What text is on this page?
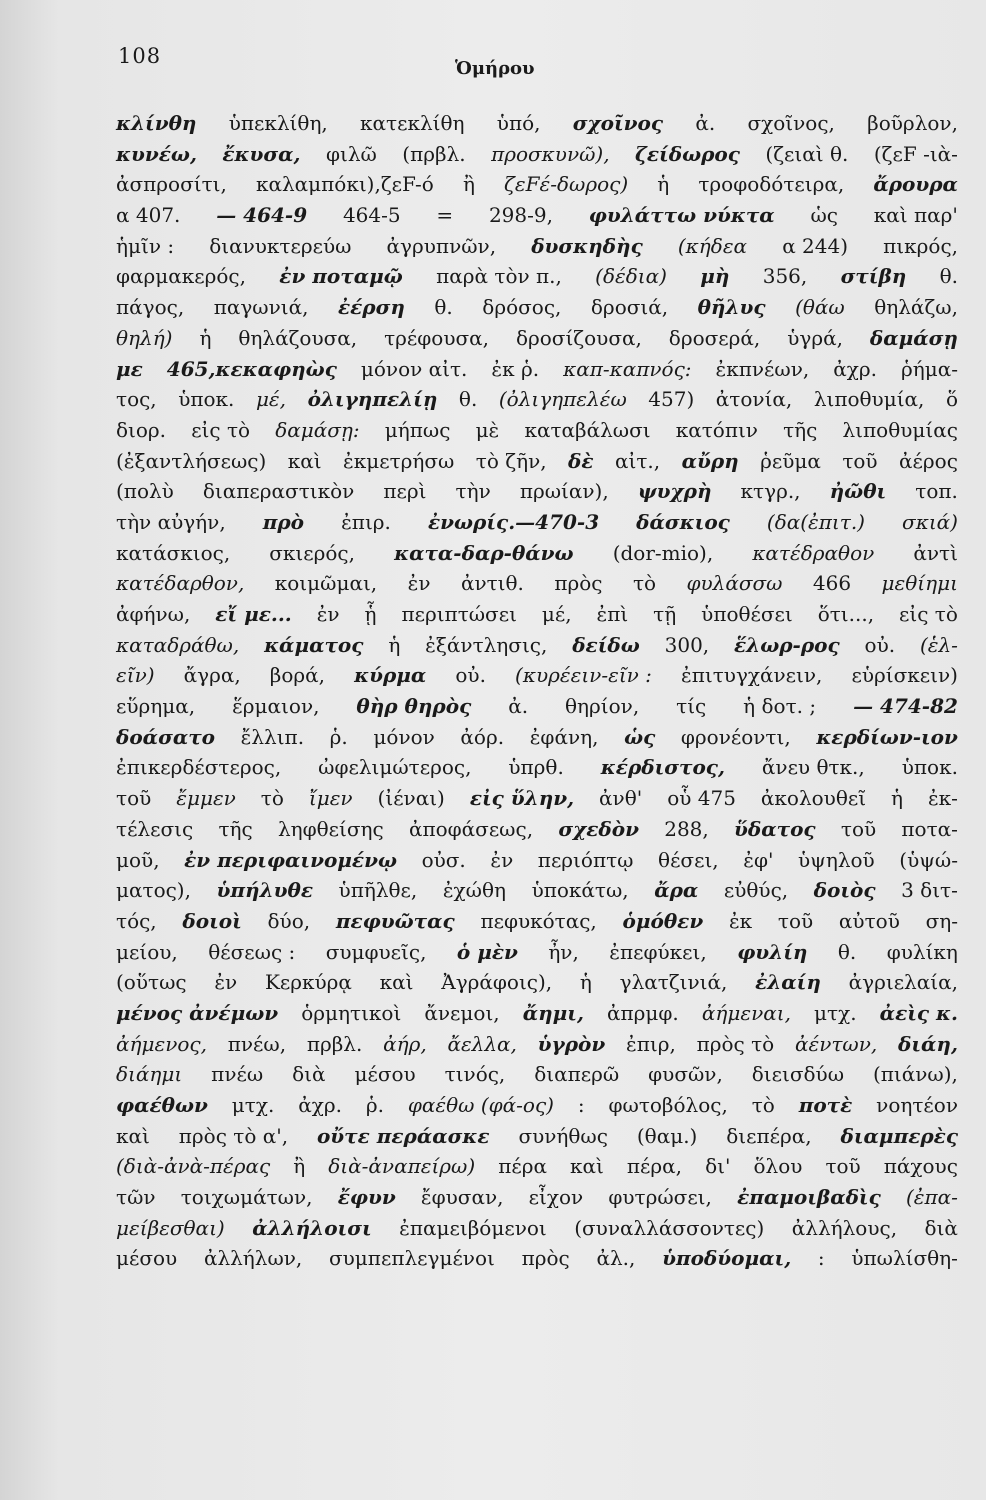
108
Ὁμήρου
κλίνθη ὑπεκλίθη, κατεκλίθη ὑπό, σχοῖνος ἀ. σχοῖνος, βοῦρλον,
κυνέω, ἔκυσα, φιλῶ (πρβλ. προσκυνῶ), ζείδωρος (ζειαὶ θ. (ζεF -ιὰ-
ἀσπροσίτι, καλαμπόκι),ζεF-ό ἢ ζεFέ-δωρος) ἡ τροφοδότειρα, ἄρουρα
α 407. — 464-9 464-5 = 298-9, φυλάττω νύκτα ὡς καὶ παρ'
ἡμῖν : διανυκτερεύω ἀγρυπνῶν, δυσκηδὴς (κήδεα α 244) πικρός,
φαρμακερός, ἐν ποταμῷ παρὰ τὸν π., (δέδια) μὴ 356, στίβη θ.
πάγος, παγωνιά, ἐέρση θ. δρόσος, δροσιά, θῆλυς (θάω θηλάζω,
θηλή) ἡ θηλάζουσα, τρέφουσα, δροσίζουσα, δροσερά, ὑγρά, δαμάσῃ
με 465,κεκαφηὼς μόνον αἰτ. ἐκ ῥ. καπ-καπνός: ἐκπνέων, ἀχρ. ῥήμα-
τος, ὑποκ. μέ, ὀλιγηπελίῃ θ. (ὀλιγηπελέω 457) ἀτονία, λιποθυμία, ὅ
διορ. εἰς τὸ δαμάσῃ: μήπως μὲ καταβάλωσι κατόπιν τῆς λιποθυμίας
(ἐξαντλήσεως) καὶ ἐκμετρήσω τὸ ζῆν, δὲ αἰτ., αὔρη ῥεῦμα τοῦ ἀέρος
(πολὺ διαπεραστικὸν περὶ τὴν πρωίαν), ψυχρὴ κτγρ., ἠῶθι τοπ.
τὴν αὐγήν, πρὸ ἐπιρ. ἐνωρίς.—470-3 δάσκιος (δα(ἐπιτ.) σκιά)
κατάσκιος, σκιερός, κατα-δαρ-θάνω (dor-mio), κατέδραθον ἀντὶ
κατέδαρθον, κοιμῶμαι, ἐν ἀντιθ. πρὸς τὸ φυλάσσω 466 μεθίημι
ἀφήνω, εἴ με... ἐν ᾗ περιπτώσει μέ, ἐπὶ τῇ ὑποθέσει ὅτι..., εἰς τὸ
καταδράθω, κάματος ἡ ἐξάντλησις, δείδω 300, ἕλωρ-ρος οὐ. (ἑλ-
εῖν) ἄγρα, βορά, κύρμα οὐ. (κυρέειν-εῖν : ἐπιτυγχάνειν, εὑρίσκειν)
εὕρημα, ἕρμαιον, θὴρ θηρὸς ἀ. θηρίον, τίς ἡ δοτ. ; — 474-82
δοάσατο ἔλλιπ. ῥ. μόνον ἀόρ. ἐφάνη, ὡς φρονέοντι, κερδίων-ιον
ἐπικερδέστερος, ὠφελιμώτερος, ὑπρθ. κέρδιστος, ἄνευ θτκ., ὑποκ.
τοῦ ἔμμεν τὸ ἴμεν (ἰέναι) εἰς ὕλην, ἀνθ' οὗ 475 ἀκολουθεῖ ἡ ἐκ-
τέλεσις τῆς ληφθείσης ἀποφάσεως, σχεδὸν 288, ὕδατος τοῦ ποτα-
μοῦ, ἐν περιφαινομένῳ οὐσ. ἐν περιόπτῳ θέσει, ἐφ' ὑψηλοῦ (ὑψώ-
ματος), ὑπήλυθε ὑπῆλθε, ἐχώθη ὑποκάτω, ἄρα εὐθύς, δοιὸς 3 διτ-
τός, δοιοὶ δύο, πεφυῶτας πεφυκότας, ὁμόθεν ἐκ τοῦ αὐτοῦ ση-
μείου, θέσεως : συμφυεῖς, ὁ μὲν ἦν, ἐπεφύκει, φυλίη θ. φυλίκη
(οὕτως ἐν Κερκύρᾳ καὶ Ἀγράφοις), ἡ γλατζινιά, ἐλαίη ἀγριελαία,
μένος ἀνέμων ὁρμητικοὶ ἄνεμοι, ἄημι, ἀπρμφ. ἀήμεναι, μτχ. ἀεὶς κ.
ἀήμενος, πνέω, πρβλ. ἀήρ, ἄελλα, ὑγρὸν ἐπιρ, πρὸς τὸ ἀέντων, διάη,
διάημι πνέω διὰ μέσου τινός, διαπερῶ φυσῶν, διεισδύω (πιάνω),
φαέθων μτχ. ἀχρ. ῥ. φαέθω (φά-ος) : φωτοβόλος, τὸ ποτὲ νοητέον
καὶ πρὸς τὸ α', οὔτε περάασκε συνήθως (θαμ.) διεπέρα, διαμπερὲς
(διὰ-ἀνὰ-πέρας ἢ διὰ-ἀναπείρω) πέρα καὶ πέρα, δι' ὅλου τοῦ πάχους
τῶν τοιχωμάτων, ἔφυν ἔφυσαν, εἶχον φυτρώσει, ἐπαμοιβαδὶς (ἐπα-
μείβεσθαι) ἀλλήλοισι ἐπαμειβόμενοι (συναλλάσσοντες) ἀλλήλους, διὰ
μέσου ἀλλήλων, συμπεπλεγμένοι πρὸς ἀλ., ὑποδύομαι, : ὑπωλίσθη-
